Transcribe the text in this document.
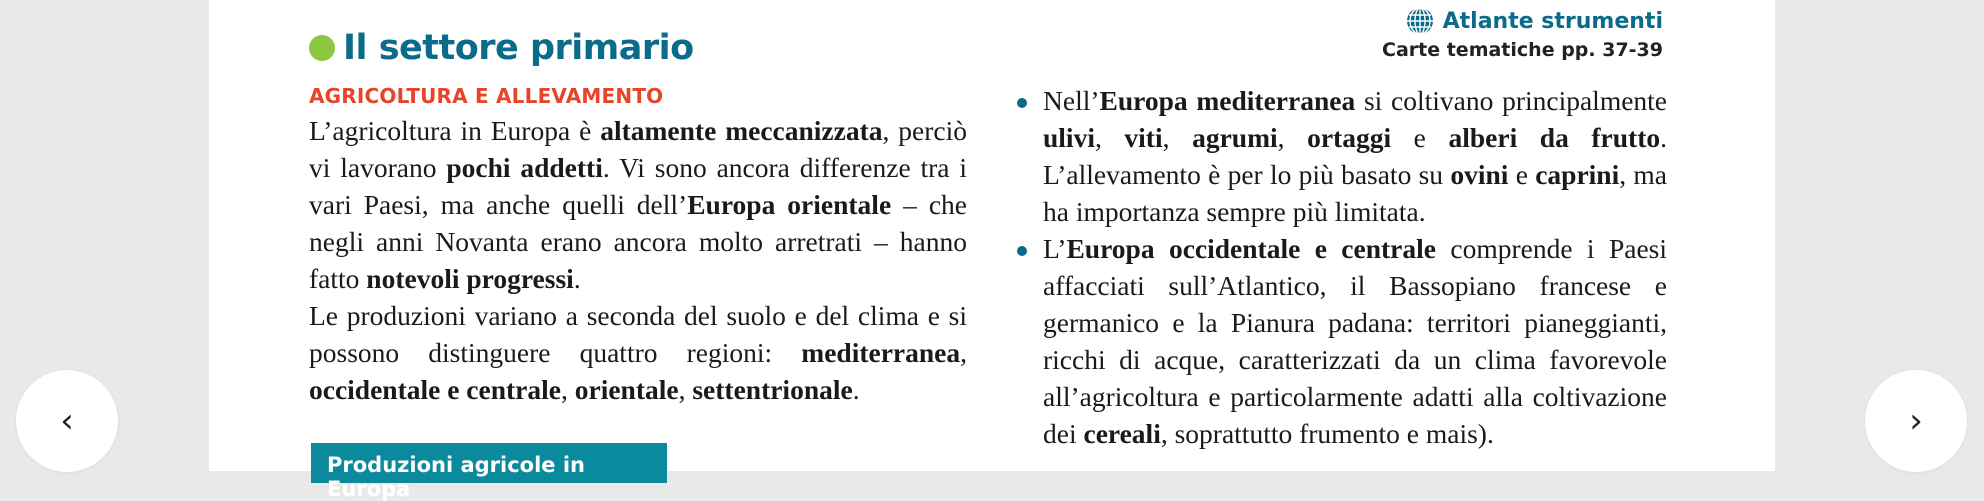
Il settore primario
Atlante strumenti
Carte tematiche pp. 37-39
AGRICOLTURA E ALLEVAMENTO

L’agricoltura in Europa è altamente meccanizzata, perciò vi lavorano pochi addetti. Vi sono ancora differenze tra i vari Paesi, ma anche quelli dell’Europa orientale – che negli anni Novanta erano ancora molto arretrati – hanno fatto notevoli progressi.

Le produzioni variano a seconda del suolo e del clima e si possono distinguere quattro regioni: mediterranea, occidentale e centrale, orientale, settentrionale.

Nell’Europa mediterranea si coltivano principalmente ulivi, viti, agrumi, ortaggi e alberi da frutto. L’allevamento è per lo più basato su ovini e caprini, ma ha importanza sempre più limitata.
L’Europa occidentale e centrale comprende i Paesi affacciati sull’Atlantico, il Bassopiano francese e germanico e la Pianura padana: territori pianeggianti, ricchi di acque, caratterizzati da un clima favorevole all’agricoltura e particolarmente adatti alla coltivazione dei cereali, soprattutto frumento e mais).
Produzioni agricole in Europa
‹	›
